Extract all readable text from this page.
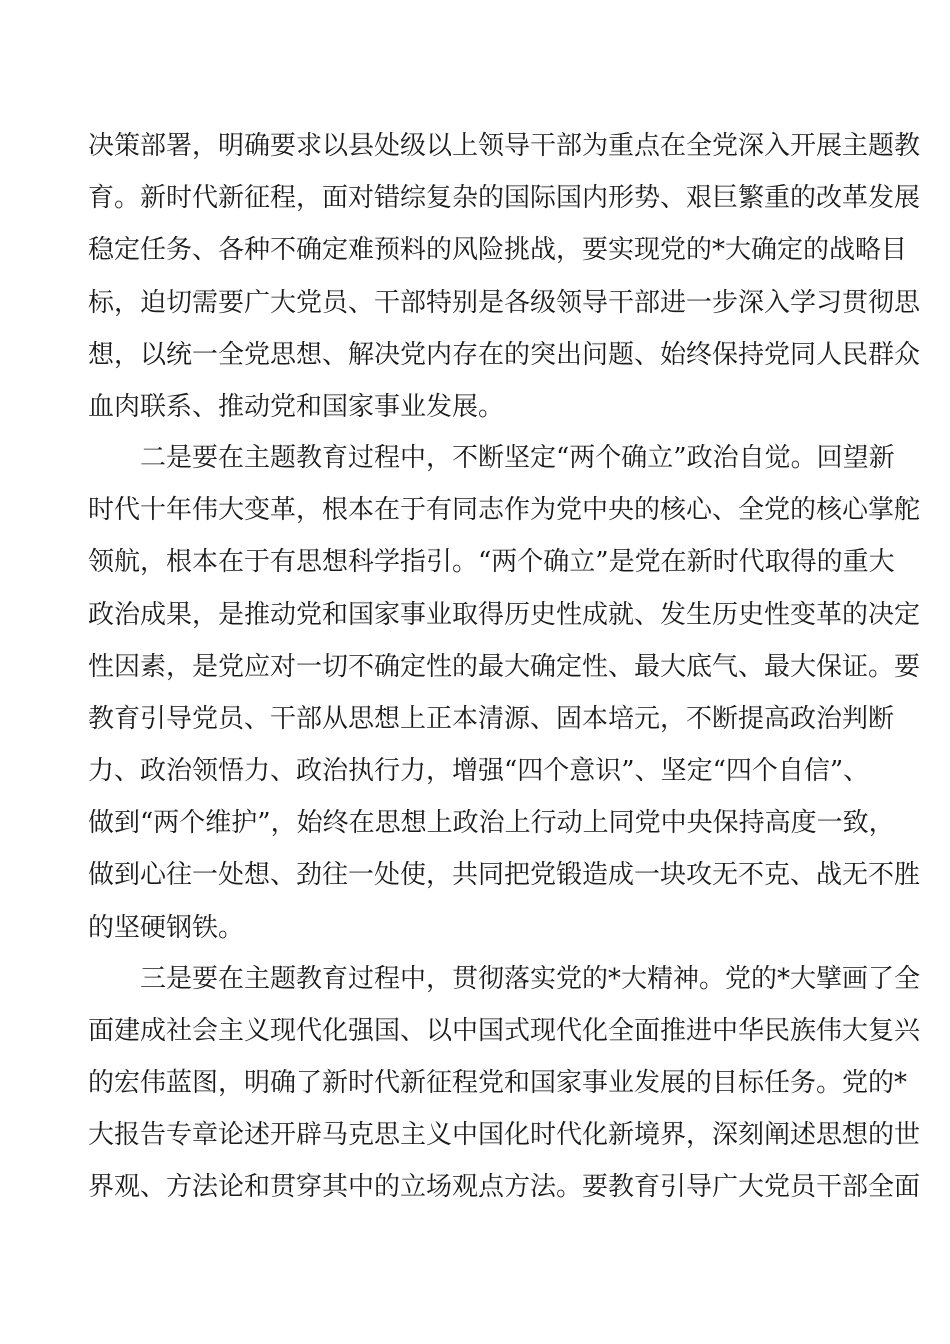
决策部署，明确要求以县处级以上领导干部为重点在全党深入开展主题教
育。新时代新征程，面对错综复杂的国际国内形势、艰巨繁重的改革发展
稳定任务、各种不确定难预料的风险挑战，要实现党的*大确定的战略目
标，迫切需要广大党员、干部特别是各级领导干部进一步深入学习贯彻思
想，以统一全党思想、解决党内存在的突出问题、始终保持党同人民群众
血肉联系、推动党和国家事业发展。
　　二是要在主题教育过程中，不断坚定“两个确立”政治自觉。回望新
时代十年伟大变革，根本在于有同志作为党中央的核心、全党的核心掌舵
领航，根本在于有思想科学指引。“两个确立”是党在新时代取得的重大
政治成果，是推动党和国家事业取得历史性成就、发生历史性变革的决定
性因素，是党应对一切不确定性的最大确定性、最大底气、最大保证。要
教育引导党员、干部从思想上正本清源、固本培元，不断提高政治判断
力、政治领悟力、政治执行力，增强“四个意识”、坚定“四个自信”、
做到“两个维护”，始终在思想上政治上行动上同党中央保持高度一致，
做到心往一处想、劲往一处使，共同把党锻造成一块攻无不克、战无不胜
的坚硬钢铁。
　　三是要在主题教育过程中，贯彻落实党的*大精神。党的*大擘画了全
面建成社会主义现代化强国、以中国式现代化全面推进中华民族伟大复兴
的宏伟蓝图，明确了新时代新征程党和国家事业发展的目标任务。党的*
大报告专章论述开辟马克思主义中国化时代化新境界，深刻阐述思想的世
界观、方法论和贯穿其中的立场观点方法。要教育引导广大党员干部全面
